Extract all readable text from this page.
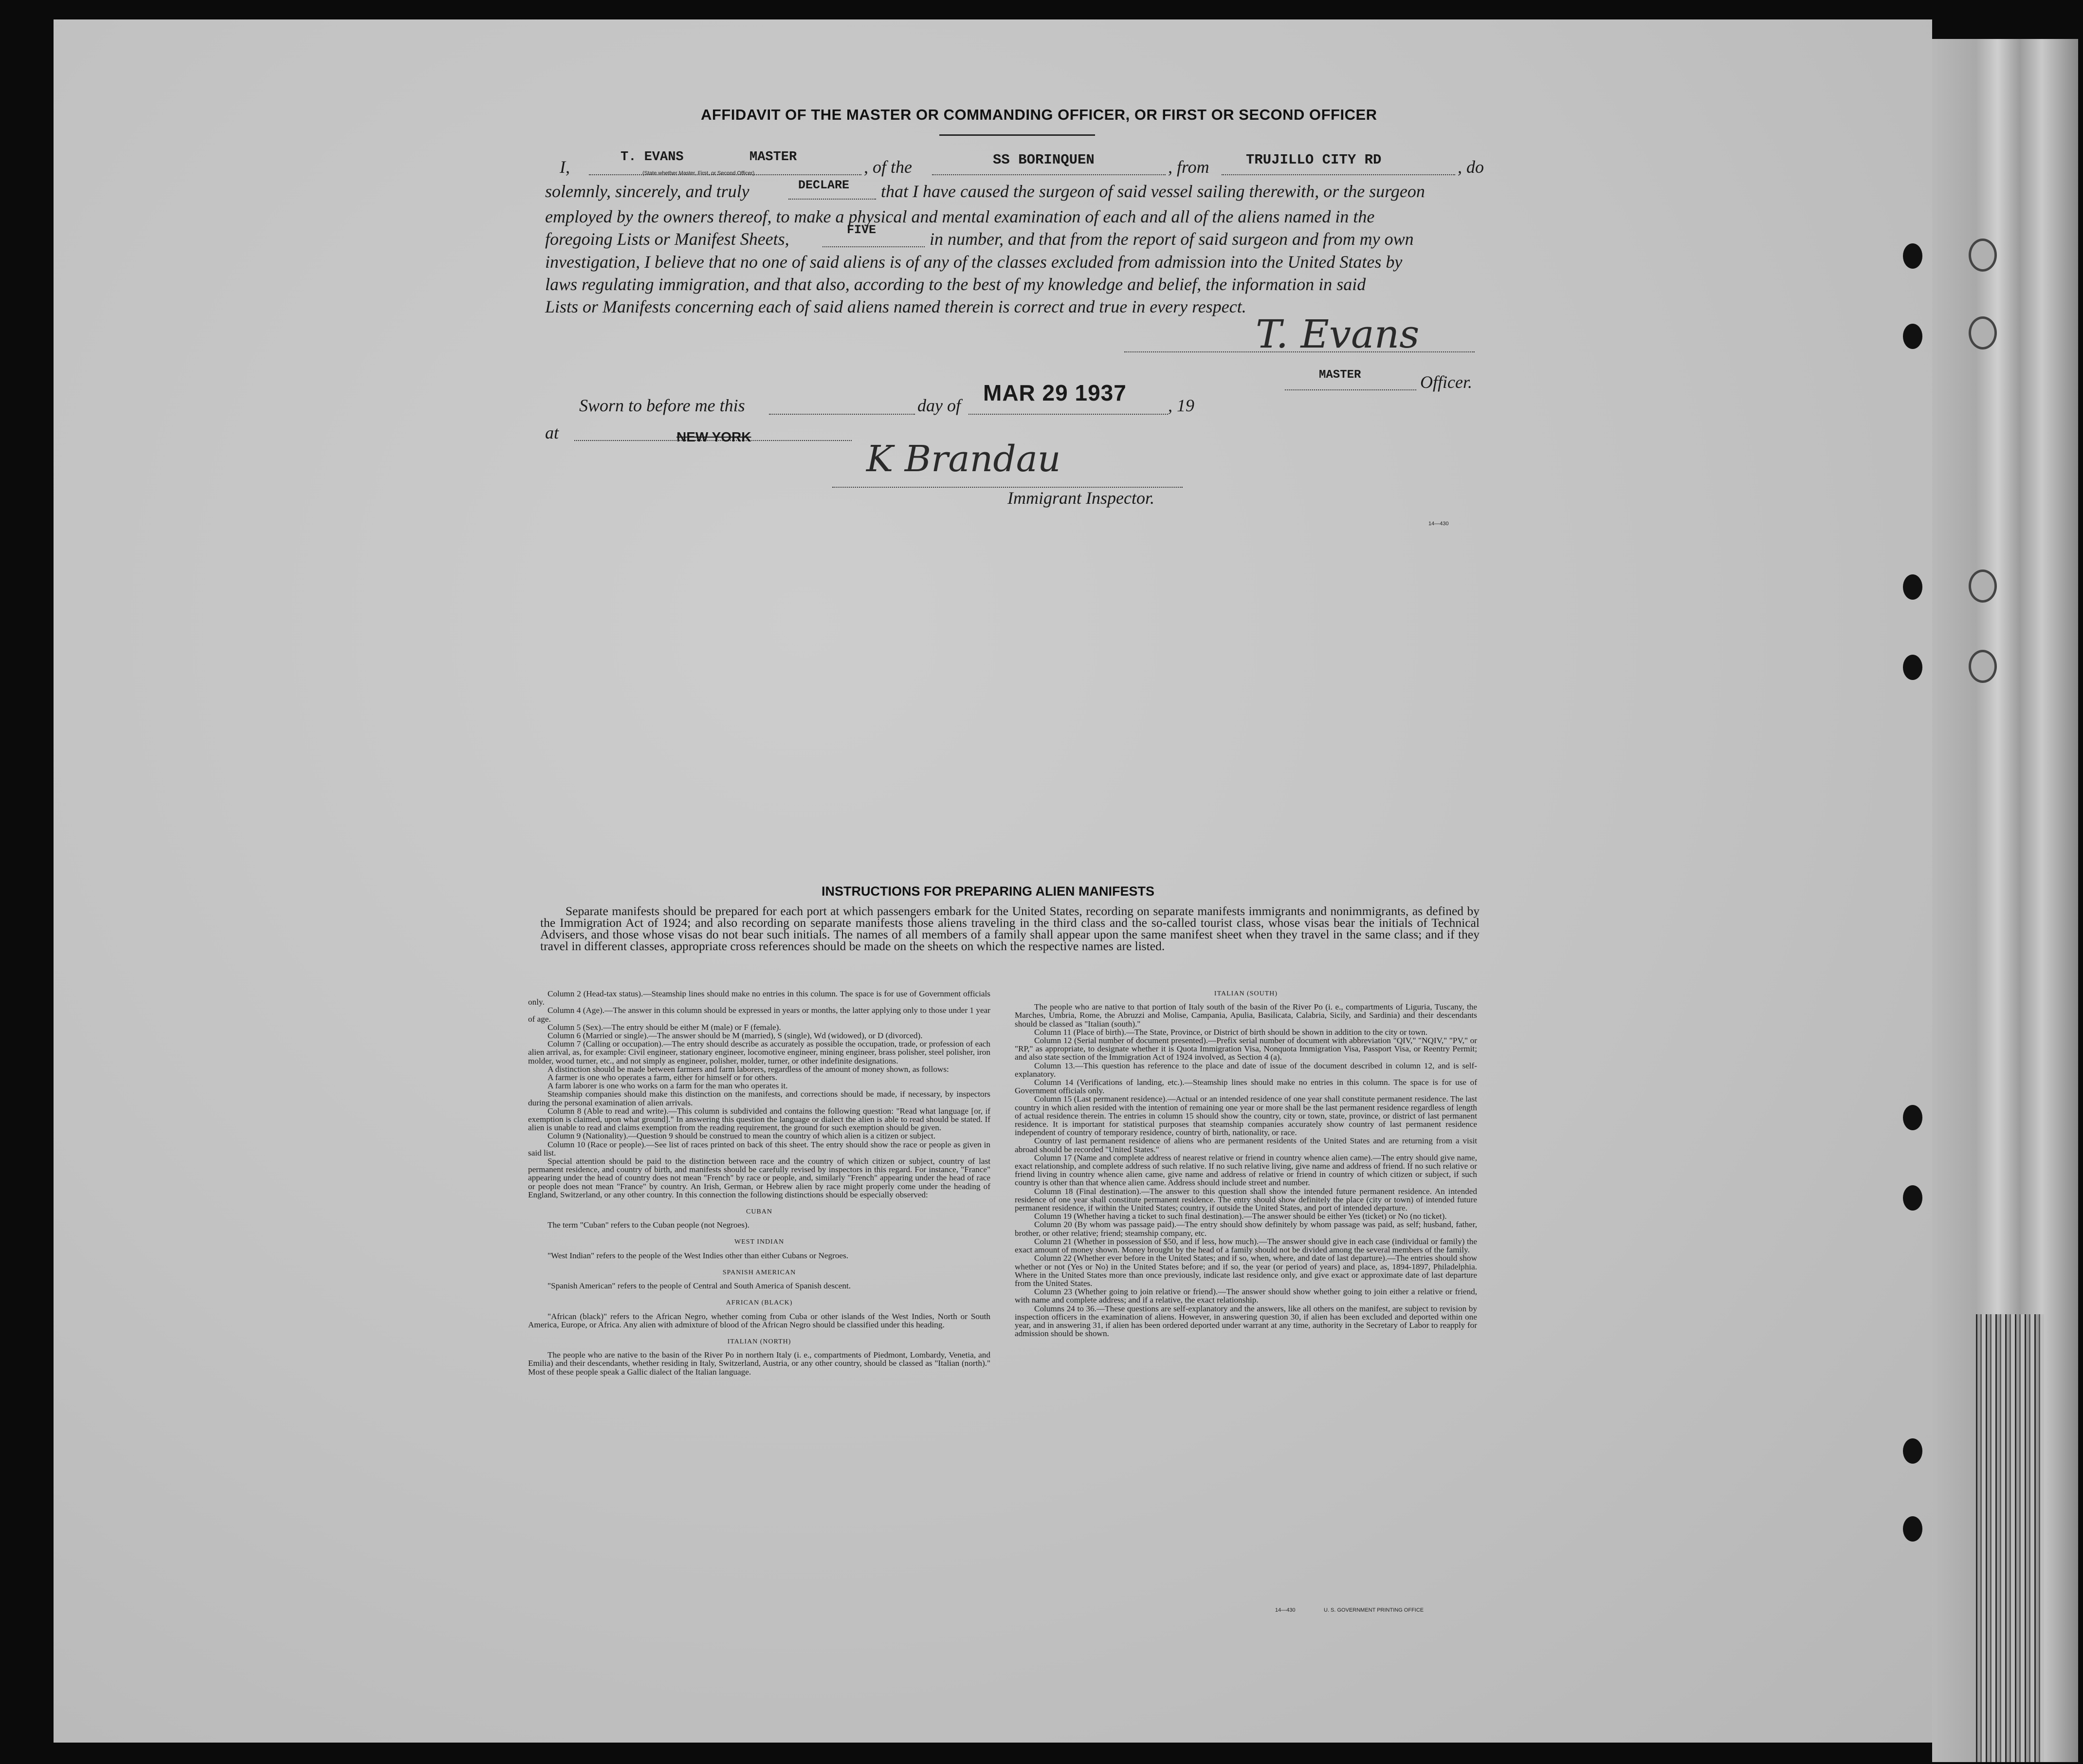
AFFIDAVIT OF THE MASTER OR COMMANDING OFFICER, OR FIRST OR SECOND OFFICER
I,	T. EVANS	MASTER
(State whether Master, First, or Second Officer)	, of the	SS BORINQUEN	, from	TRUJILLO CITY RD	, do
solemnly, sincerely, and truly	DECLARE that I have caused the surgeon of said vessel sailing therewith, or the surgeon
employed by the owners thereof, to make a physical and mental examination of each and all of the aliens named in the
foregoing Lists or Manifest Sheets,	FIVE	in number, and that from the report of said surgeon and from my own
investigation, I believe that no one of said aliens is of any of the classes excluded from admission into the United States by
laws regulating immigration, and that also, according to the best of my knowledge and belief, the information in said
Lists or Manifests concerning each of said aliens named therein is correct and true in every respect.
T. Evans
MASTER	Officer.
Sworn to before me this	day of MAR 29 1937 , 19
at	NEW YORK
K Brandau
Immigrant Inspector.
14—430
INSTRUCTIONS FOR PREPARING ALIEN MANIFESTS
Separate manifests should be prepared for each port at which passengers embark for the United States, recording on separate manifests immigrants and nonimmigrants, as defined by the Immigration Act of 1924; and also recording on separate manifests those aliens traveling in the third class and the so-called tourist class, whose visas bear the initials of Technical Advisers, and those whose visas do not bear such initials. The names of all members of a family shall appear upon the same manifest sheet when they travel in the same class; and if they travel in different classes, appropriate cross references should be made on the sheets on which the respective names are listed.

Column 2 (Head-tax status).—Steamship lines should make no entries in this column. The space is for use of Government officials only.

Column 4 (Age).—The answer in this column should be expressed in years or months, the latter applying only to those under 1 year of age.

Column 5 (Sex).—The entry should be either M (male) or F (female).

Column 6 (Married or single).—The answer should be M (married), S (single), Wd (widowed), or D (divorced).

Column 7 (Calling or occupation).—The entry should describe as accurately as possible the occupation, trade, or profession of each alien arrival, as, for example: Civil engineer, stationary engineer, locomotive engineer, mining engineer, brass polisher, steel polisher, iron molder, wood turner, etc., and not simply as engineer, polisher, molder, turner, or other indefinite designations.

A distinction should be made between farmers and farm laborers, regardless of the amount of money shown, as follows:

A farmer is one who operates a farm, either for himself or for others.

A farm laborer is one who works on a farm for the man who operates it.

Steamship companies should make this distinction on the manifests, and corrections should be made, if necessary, by inspectors during the personal examination of alien arrivals.

Column 8 (Able to read and write).—This column is subdivided and contains the following question: "Read what language [or, if exemption is claimed, upon what ground]." In answering this question the language or dialect the alien is able to read should be stated. If alien is unable to read and claims exemption from the reading requirement, the ground for such exemption should be given.

Column 9 (Nationality).—Question 9 should be construed to mean the country of which alien is a citizen or subject.

Column 10 (Race or people).—See list of races printed on back of this sheet. The entry should show the race or people as given in said list.

Special attention should be paid to the distinction between race and the country of which citizen or subject, country of last permanent residence, and country of birth, and manifests should be carefully revised by inspectors in this regard. For instance, "France" appearing under the head of country does not mean "French" by race or people, and, similarly "French" appearing under the head of race or people does not mean "France" by country. An Irish, German, or Hebrew alien by race might properly come under the heading of England, Switzerland, or any other country. In this connection the following distinctions should be especially observed:

CUBAN

The term "Cuban" refers to the Cuban people (not Negroes).

WEST INDIAN

"West Indian" refers to the people of the West Indies other than either Cubans or Negroes.

SPANISH AMERICAN

"Spanish American" refers to the people of Central and South America of Spanish descent.

AFRICAN (BLACK)

"African (black)" refers to the African Negro, whether coming from Cuba or other islands of the West Indies, North or South America, Europe, or Africa. Any alien with admixture of blood of the African Negro should be classified under this heading.

ITALIAN (NORTH)

The people who are native to the basin of the River Po in northern Italy (i. e., compartments of Piedmont, Lombardy, Venetia, and Emilia) and their descendants, whether residing in Italy, Switzerland, Austria, or any other country, should be classed as "Italian (north)." Most of these people speak a Gallic dialect of the Italian language.

ITALIAN (SOUTH)

The people who are native to that portion of Italy south of the basin of the River Po (i. e., compartments of Liguria, Tuscany, the Marches, Umbria, Rome, the Abruzzi and Molise, Campania, Apulia, Basilicata, Calabria, Sicily, and Sardinia) and their descendants should be classed as "Italian (south)."

Column 11 (Place of birth).—The State, Province, or District of birth should be shown in addition to the city or town.

Column 12 (Serial number of document presented).—Prefix serial number of document with abbreviation "QIV," "NQIV," "PV," or "RP," as appropriate, to designate whether it is Quota Immigration Visa, Nonquota Immigration Visa, Passport Visa, or Reentry Permit; and also state section of the Immigration Act of 1924 involved, as Section 4 (a).

Column 13.—This question has reference to the place and date of issue of the document described in column 12, and is self-explanatory.

Column 14 (Verifications of landing, etc.).—Steamship lines should make no entries in this column. The space is for use of Government officials only.

Column 15 (Last permanent residence).—Actual or an intended residence of one year shall constitute permanent residence. The last country in which alien resided with the intention of remaining one year or more shall be the last permanent residence regardless of length of actual residence therein. The entries in column 15 should show the country, city or town, state, province, or district of last permanent residence. It is important for statistical purposes that steamship companies accurately show country of last permanent residence independent of country of temporary residence, country of birth, nationality, or race.

Country of last permanent residence of aliens who are permanent residents of the United States and are returning from a visit abroad should be recorded "United States."

Column 17 (Name and complete address of nearest relative or friend in country whence alien came).—The entry should give name, exact relationship, and complete address of such relative. If no such relative living, give name and address of friend. If no such relative or friend living in country whence alien came, give name and address of relative or friend in country of which citizen or subject, if such country is other than that whence alien came. Address should include street and number.

Column 18 (Final destination).—The answer to this question shall show the intended future permanent residence. An intended residence of one year shall constitute permanent residence. The entry should show definitely the place (city or town) of intended future permanent residence, if within the United States; country, if outside the United States, and port of intended departure.

Column 19 (Whether having a ticket to such final destination).—The answer should be either Yes (ticket) or No (no ticket).

Column 20 (By whom was passage paid).—The entry should show definitely by whom passage was paid, as self; husband, father, brother, or other relative; friend; steamship company, etc.

Column 21 (Whether in possession of $50, and if less, how much).—The answer should give in each case (individual or family) the exact amount of money shown. Money brought by the head of a family should not be divided among the several members of the family.

Column 22 (Whether ever before in the United States; and if so, when, where, and date of last departure).—The entries should show whether or not (Yes or No) in the United States before; and if so, the year (or period of years) and place, as, 1894-1897, Philadelphia. Where in the United States more than once previously, indicate last residence only, and give exact or approximate date of last departure from the United States.

Column 23 (Whether going to join relative or friend).—The answer should show whether going to join either a relative or friend, with name and complete address; and if a relative, the exact relationship.

Columns 24 to 36.—These questions are self-explanatory and the answers, like all others on the manifest, are subject to revision by inspection officers in the examination of aliens. However, in answering question 30, if alien has been excluded and deported within one year, and in answering 31, if alien has been ordered deported under warrant at any time, authority in the Secretary of Labor to reapply for admission should be shown.

14—430	U. S. GOVERNMENT PRINTING OFFICE
